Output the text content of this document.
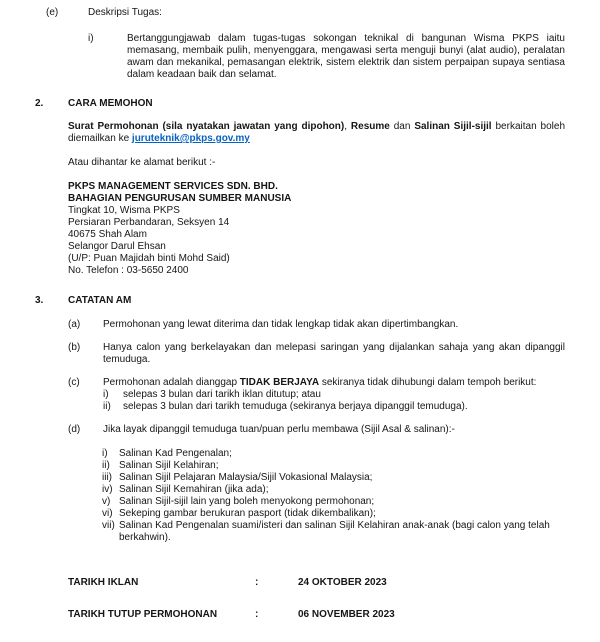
(e)	Deskripsi Tugas:
i)	Bertanggungjawab dalam tugas-tugas sokongan teknikal di bangunan Wisma PKPS iaitu memasang, membaik pulih, menyenggara, mengawasi serta menguji bunyi (alat audio), peralatan awam dan mekanikal, pemasangan elektrik, sistem elektrik dan sistem perpaipan supaya sentiasa dalam keadaan baik dan selamat.
2.	CARA MEMOHON
Surat Permohonan (sila nyatakan jawatan yang dipohon), Resume dan Salinan Sijil-sijil berkaitan boleh diemailkan ke juruteknik@pkps.gov.my
Atau dihantar ke alamat berikut :-
PKPS MANAGEMENT SERVICES SDN. BHD.
BAHAGIAN PENGURUSAN SUMBER MANUSIA
Tingkat 10, Wisma PKPS
Persiaran Perbandaran, Seksyen 14
40675 Shah Alam
Selangor Darul Ehsan
(U/P: Puan Majidah binti Mohd Said)
No. Telefon : 03-5650 2400
3.	CATATAN AM
(a)	Permohonan yang lewat diterima dan tidak lengkap tidak akan dipertimbangkan.
(b)	Hanya calon yang berkelayakan dan melepasi saringan yang dijalankan sahaja yang akan dipanggil temuduga.
(c)	Permohonan adalah dianggap TIDAK BERJAYA sekiranya tidak dihubungi dalam tempoh berikut:
i)	selepas 3 bulan dari tarikh iklan ditutup; atau
ii)	selepas 3 bulan dari tarikh temuduga (sekiranya berjaya dipanggil temuduga).
(d)	Jika layak dipanggil temuduga tuan/puan perlu membawa (Sijil Asal & salinan):-
i)	Salinan Kad Pengenalan;
ii) Salinan Sijil Kelahiran;
iii) Salinan Sijil Pelajaran Malaysia/Sijil Vokasional Malaysia;
iv) Salinan Sijil Kemahiran (jika ada);
v) Salinan Sijil-sijil lain yang boleh menyokong permohonan;
vi) Sekeping gambar berukuran pasport (tidak dikembalikan);
vii) Salinan Kad Pengenalan suami/isteri dan salinan Sijil Kelahiran anak-anak (bagi calon yang telah berkahwin).
TARIKH IKLAN	:	24 OKTOBER 2023
TARIKH TUTUP PERMOHONAN	:	06 NOVEMBER 2023
